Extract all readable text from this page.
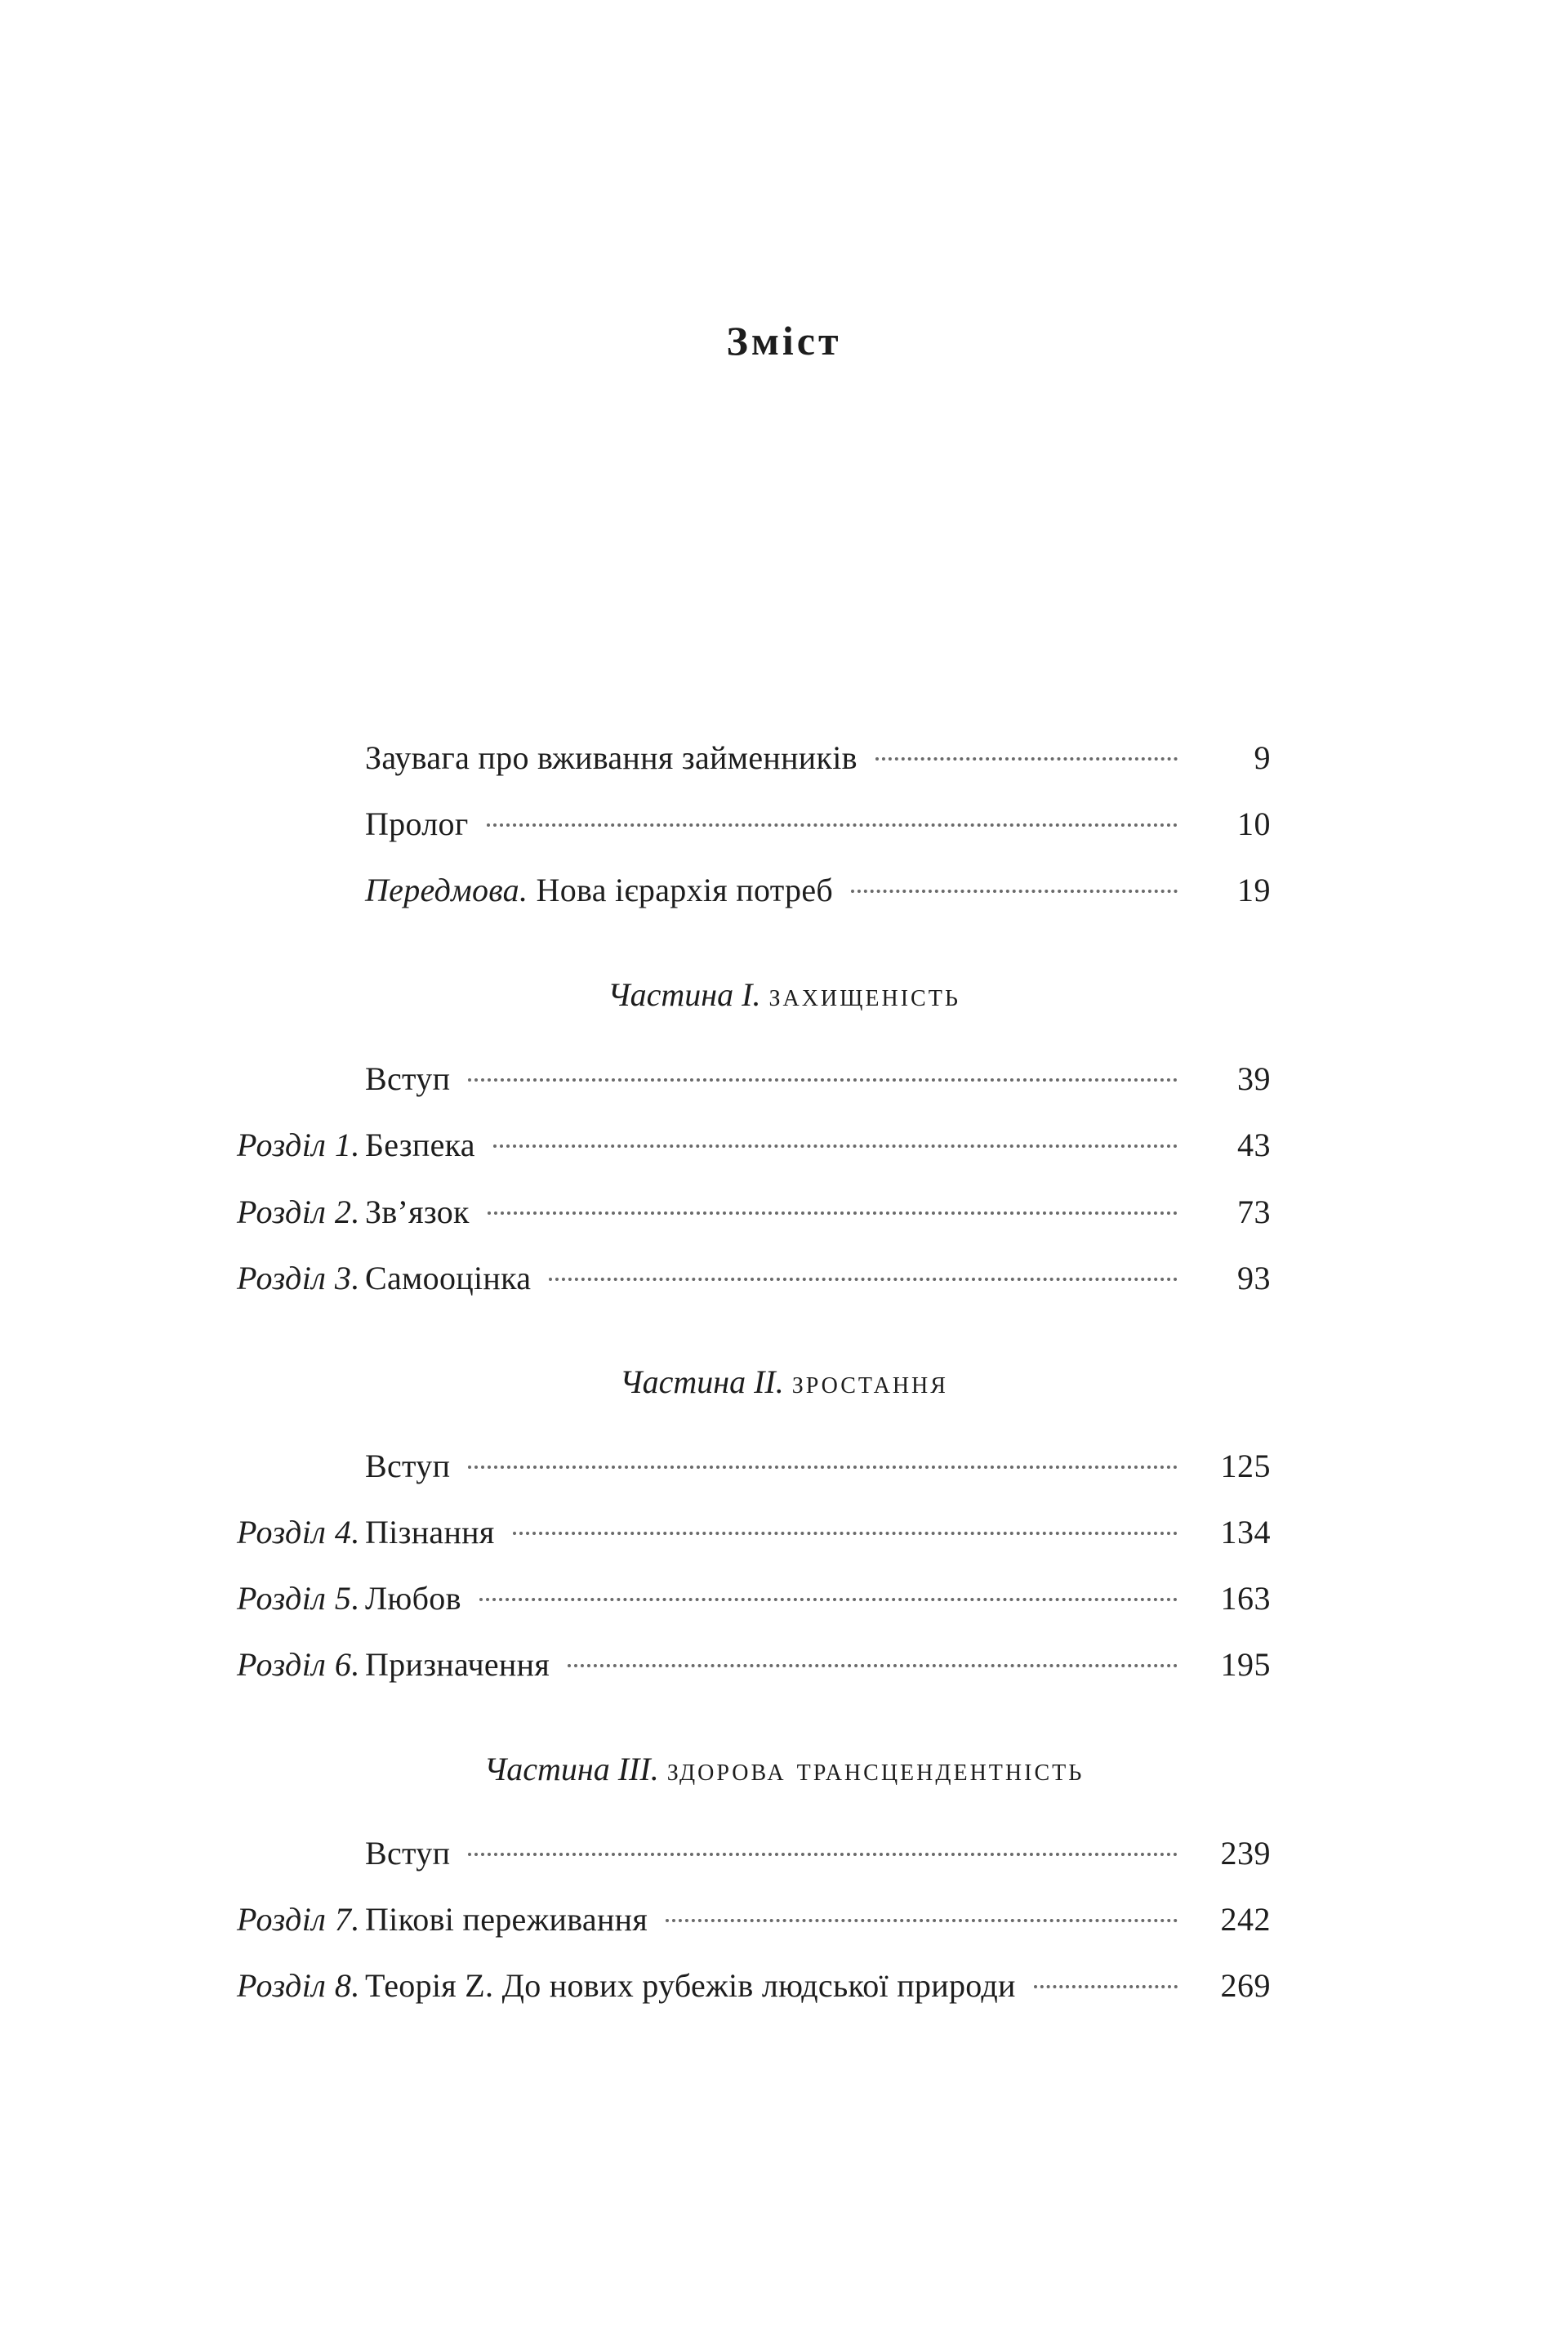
Зміст
Заувага про вживання займенників	9
Пролог	10
Передмова. Нова ієрархія потреб	19
Частина I. захищеність
Вступ	39
Розділ 1. Безпека	43
Розділ 2. Зв’язок	73
Розділ 3. Самооцінка	93
Частина II. зростання
Вступ	125
Розділ 4. Пізнання	134
Розділ 5. Любов	163
Розділ 6. Призначення	195
Частина III. здорова трансцендентність
Вступ	239
Розділ 7. Пікові переживання	242
Розділ 8. Теорія Z. До нових рубежів людської природи	269
